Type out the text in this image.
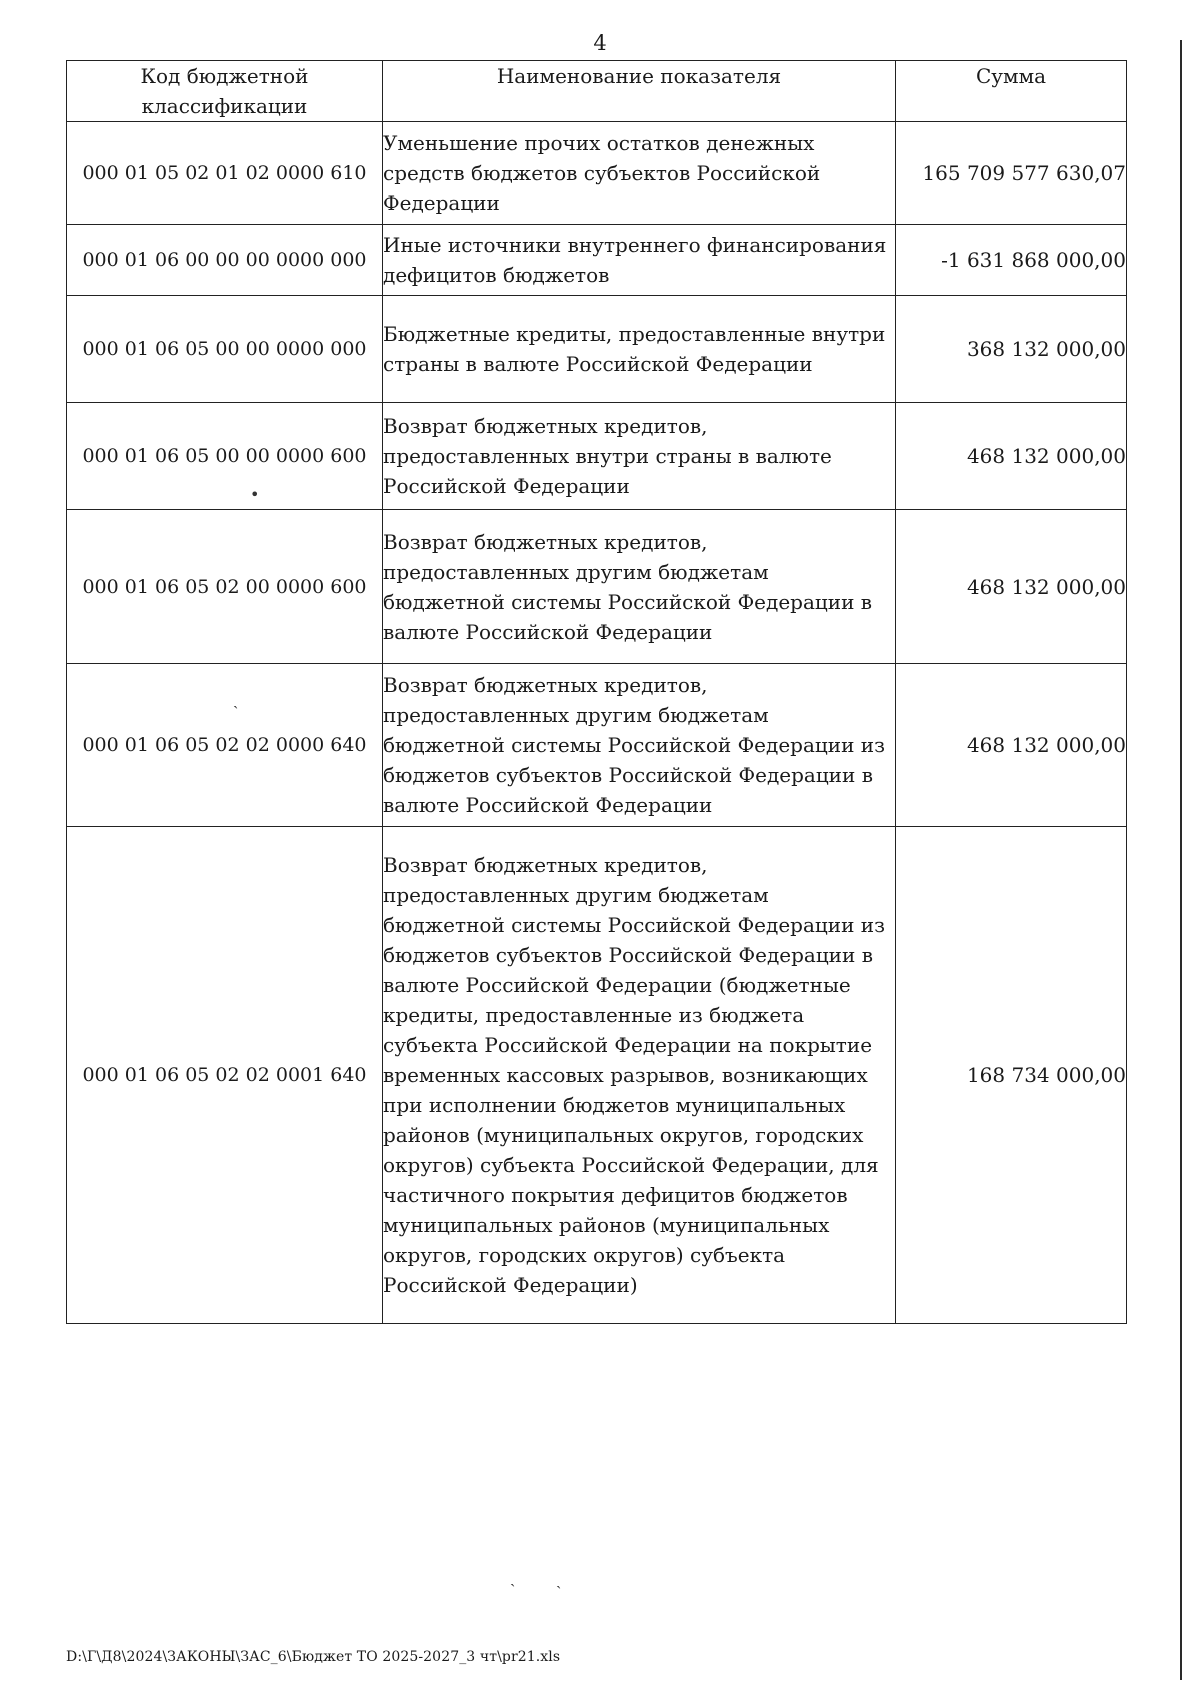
4
Код бюджетной классификации	Наименование показателя	Сумма
000 01 05 02 01 02 0000 610	Уменьшение прочих остатков денежных средств бюджетов субъектов Российской Федерации	165 709 577 630,07
000 01 06 00 00 00 0000 000	Иные источники внутреннего финансирования дефицитов бюджетов	-1 631 868 000,00
000 01 06 05 00 00 0000 000	Бюджетные кредиты, предоставленные внутри страны в валюте Российской Федерации	368 132 000,00
000 01 06 05 00 00 0000 600	Возврат бюджетных кредитов, предоставленных внутри страны в валюте Российской Федерации	468 132 000,00
000 01 06 05 02 00 0000 600	Возврат бюджетных кредитов, предоставленных другим бюджетам бюджетной системы Российской Федерации в валюте Российской Федерации	468 132 000,00
000 01 06 05 02 02 0000 640	Возврат бюджетных кредитов, предоставленных другим бюджетам бюджетной системы Российской Федерации из бюджетов субъектов Российской Федерации в валюте Российской Федерации	468 132 000,00
000 01 06 05 02 02 0001 640	Возврат бюджетных кредитов, предоставленных другим бюджетам бюджетной системы Российской Федерации из бюджетов субъектов Российской Федерации в валюте Российской Федерации (бюджетные кредиты, предоставленные из бюджета субъекта Российской Федерации на покрытие временных кассовых разрывов, возникающих при исполнении бюджетов муниципальных районов (муниципальных округов, городских округов) субъекта Российской Федерации, для частичного покрытия дефицитов бюджетов муниципальных районов (муниципальных округов, городских округов) субъекта Российской Федерации)	168 734 000,00
•
ˏ
ˎ	ˎ
D:\Г\Д8\2024\ЗАКОНЫ\ЗАС_6\Бюджет ТО 2025-2027_3 чт\pr21.xls
